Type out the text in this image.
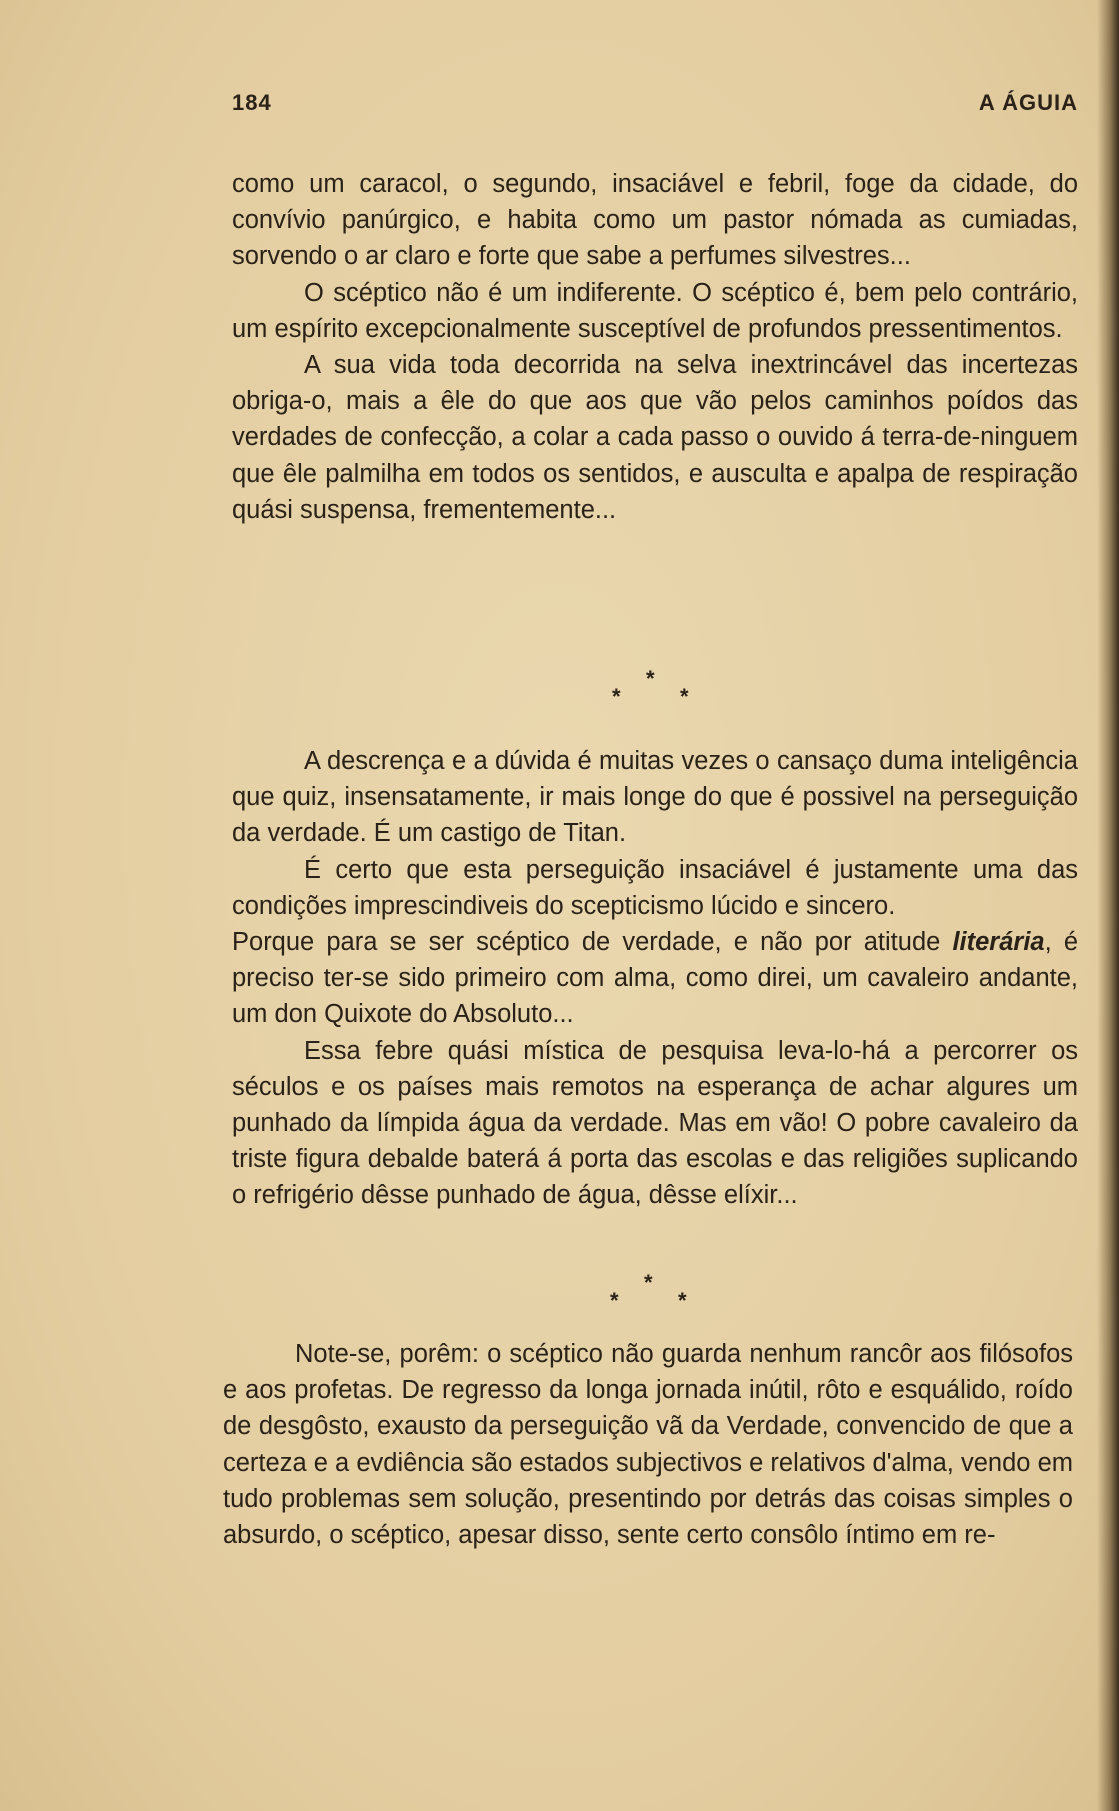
184	A ÁGUIA

como um caracol, o segundo, insaciável e febril, foge da cidade, do convívio panúrgico, e habita como um pastor nómada as cumiadas, sorvendo o ar claro e forte que sabe a perfumes silvestres...

O scéptico não é um indiferente. O scéptico é, bem pelo contrário, um espírito excepcionalmente susceptível de profundos pressentimentos.

A sua vida toda decorrida na selva inextrincável das incertezas obriga-o, mais a êle do que aos que vão pelos caminhos poídos das verdades de confecção, a colar a cada passo o ouvido á terra-de-ninguem que êle palmilha em todos os sentidos, e ausculta e apalpa de respiração quási suspensa, frementemente...

*
*	*

A descrença e a dúvida é muitas vezes o cansaço duma inteligência que quiz, insensatamente, ir mais longe do que é possivel na perseguição da verdade. É um castigo de Titan.

É certo que esta perseguição insaciável é justamente uma das condições imprescindiveis do scepticismo lúcido e sincero.

Porque para se ser scéptico de verdade, e não por atitude literária, é preciso ter-se sido primeiro com alma, como direi, um cavaleiro andante, um don Quixote do Absoluto...

Essa febre quási mística de pesquisa leva-lo-há a percorrer os séculos e os países mais remotos na esperança de achar algures um punhado da límpida água da verdade. Mas em vão! O pobre cavaleiro da triste figura debalde baterá á porta das escolas e das religiões suplicando o refrigério dêsse punhado de água, dêsse elíxir...

*
*	*

Note-se, porêm: o scéptico não guarda nenhum rancôr aos filósofos e aos profetas. De regresso da longa jornada inútil, rôto e esquálido, roído de desgôsto, exausto da perseguição vã da Verdade, convencido de que a certeza e a evdiência são estados subjectivos e relativos d'alma, vendo em tudo problemas sem solução, presentindo por detrás das coisas simples o absurdo, o scéptico, apesar disso, sente certo consôlo íntimo em re-
